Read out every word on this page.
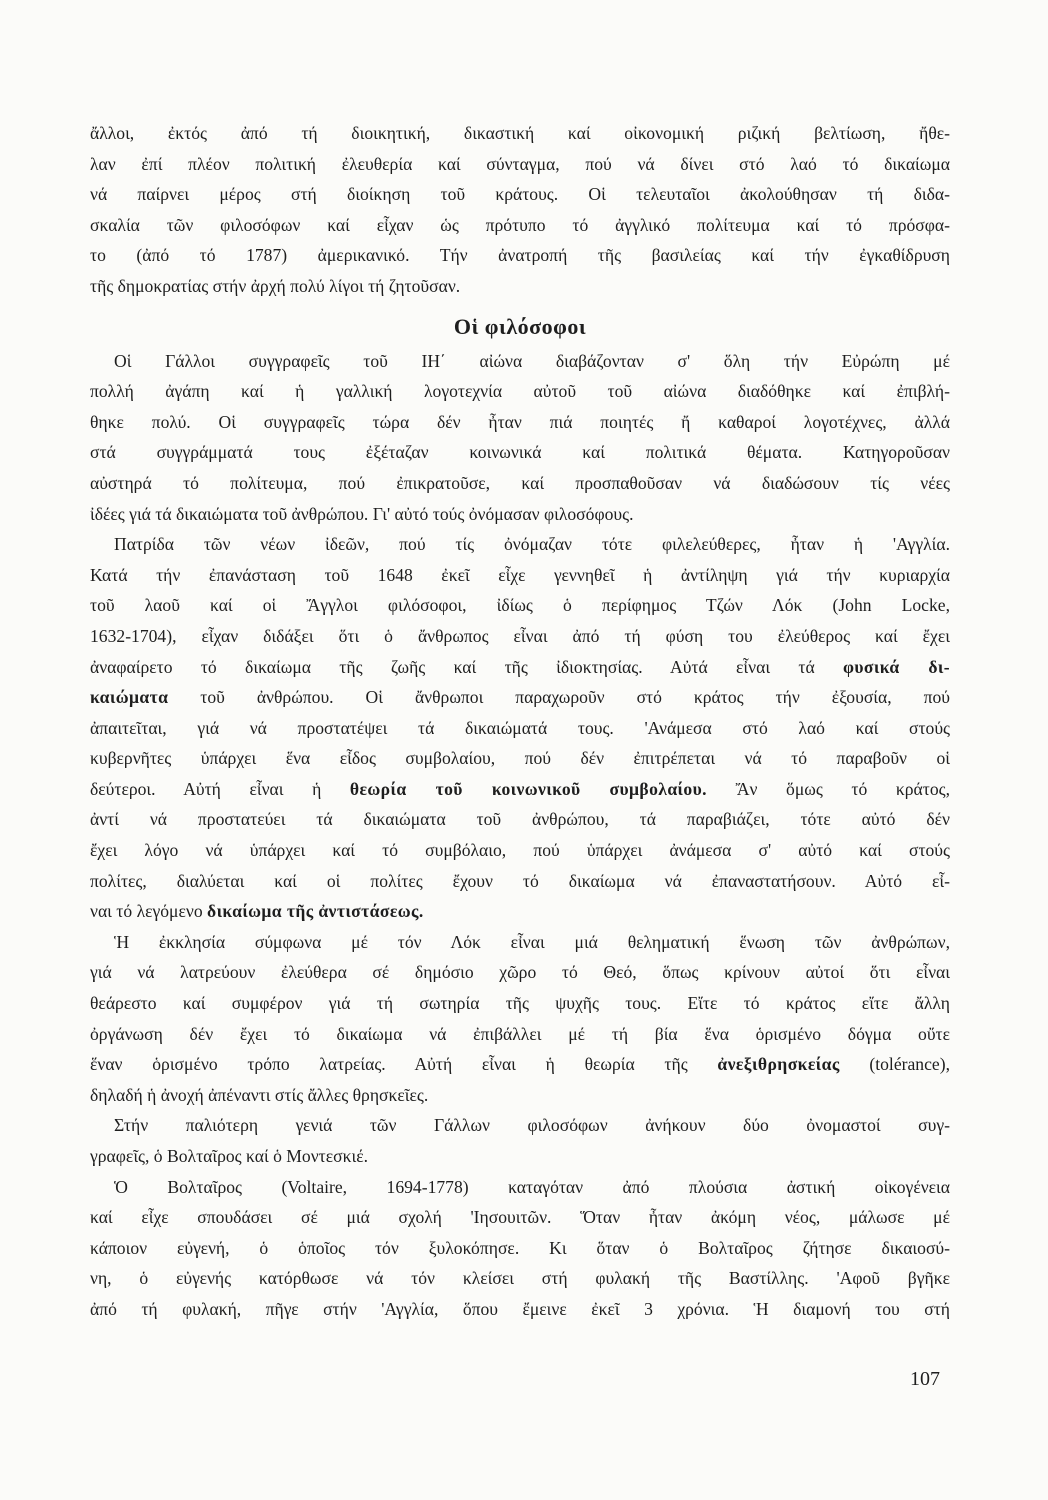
ἄλλοι, ἐκτός ἀπό τή διοικητική, δικαστική καί οἰκονομική ριζική βελτίωση, ἤθε-
λαν ἐπί πλέον πολιτική ἐλευθερία καί σύνταγμα, πού νά δίνει στό λαό τό δικαίωμα
νά παίρνει μέρος στή διοίκηση τοῦ κράτους. Οἱ τελευταῖοι ἀκολούθησαν τή διδα-
σκαλία τῶν φιλοσόφων καί εἶχαν ὡς πρότυπο τό ἀγγλικό πολίτευμα καί τό πρόσφα-
το (ἀπό τό 1787) ἀμερικανικό. Τήν ἀνατροπή τῆς βασιλείας καί τήν ἐγκαθίδρυση
τῆς δημοκρατίας στήν ἀρχή πολύ λίγοι τή ζητοῦσαν.
Οἱ φιλόσοφοι
Οἱ Γάλλοι συγγραφεῖς τοῦ ΙΗ΄ αἰώνα διαβάζονταν σ' ὅλη τήν Εὐρώπη μέ
πολλή ἀγάπη καί ἡ γαλλική λογοτεχνία αὐτοῦ τοῦ αἰώνα διαδόθηκε καί ἐπιβλή-
θηκε πολύ. Οἱ συγγραφεῖς τώρα δέν ἦταν πιά ποιητές ἤ καθαροί λογοτέχνες, ἀλλά
στά συγγράμματά τους ἐξέταζαν κοινωνικά καί πολιτικά θέματα. Κατηγοροῦσαν
αὐστηρά τό πολίτευμα, πού ἐπικρατοῦσε, καί προσπαθοῦσαν νά διαδώσουν τίς νέες
ἰδέες γιά τά δικαιώματα τοῦ ἀνθρώπου. Γι' αὐτό τούς ὀνόμασαν φιλοσόφους.
Πατρίδα τῶν νέων ἰδεῶν, πού τίς ὀνόμαζαν τότε φιλελεύθερες, ἦταν ἡ 'Αγγλία.
Κατά τήν ἐπανάσταση τοῦ 1648 ἐκεῖ εἶχε γεννηθεῖ ἡ ἀντίληψη γιά τήν κυριαρχία
τοῦ λαοῦ καί οἱ Ἄγγλοι φιλόσοφοι, ἰδίως ὁ περίφημος Τζών Λόκ (John Locke,
1632-1704), εἶχαν διδάξει ὅτι ὁ ἄνθρωπος εἶναι ἀπό τή φύση του ἐλεύθερος καί ἔχει
ἀναφαίρετο τό δικαίωμα τῆς ζωῆς καί τῆς ἰδιοκτησίας. Αὐτά εἶναι τά φυσικά δι-
καιώματα τοῦ ἀνθρώπου. Οἱ ἄνθρωποι παραχωροῦν στό κράτος τήν ἐξουσία, πού
ἀπαιτεῖται, γιά νά προστατέψει τά δικαιώματά τους. 'Ανάμεσα στό λαό καί στούς
κυβερνῆτες ὑπάρχει ἕνα εἶδος συμβολαίου, πού δέν ἐπιτρέπεται νά τό παραβοῦν οἱ
δεύτεροι. Αὐτή εἶναι ἡ θεωρία τοῦ κοινωνικοῦ συμβολαίου. Ἄν ὅμως τό κράτος,
ἀντί νά προστατεύει τά δικαιώματα τοῦ ἀνθρώπου, τά παραβιάζει, τότε αὐτό δέν
ἔχει λόγο νά ὑπάρχει καί τό συμβόλαιο, πού ὑπάρχει ἀνάμεσα σ' αὐτό καί στούς
πολίτες, διαλύεται καί οἱ πολίτες ἔχουν τό δικαίωμα νά ἐπαναστατήσουν. Αὐτό εἶ-
ναι τό λεγόμενο δικαίωμα τῆς ἀντιστάσεως.
Ἡ ἐκκλησία σύμφωνα μέ τόν Λόκ εἶναι μιά θεληματική ἕνωση τῶν ἀνθρώπων,
γιά νά λατρεύουν ἐλεύθερα σέ δημόσιο χῶρο τό Θεό, ὅπως κρίνουν αὐτοί ὅτι εἶναι
θεάρεστο καί συμφέρον γιά τή σωτηρία τῆς ψυχῆς τους. Εἴτε τό κράτος εἴτε ἄλλη
ὀργάνωση δέν ἔχει τό δικαίωμα νά ἐπιβάλλει μέ τή βία ἕνα ὁρισμένο δόγμα οὔτε
ἕναν ὁρισμένο τρόπο λατρείας. Αὐτή εἶναι ἡ θεωρία τῆς ἀνεξιθρησκείας (tolérance),
δηλαδή ἡ ἀνοχή ἀπέναντι στίς ἄλλες θρησκεῖες.
Στήν παλιότερη γενιά τῶν Γάλλων φιλοσόφων ἀνήκουν δύο ὀνομαστοί συγ-
γραφεῖς, ὁ Βολταῖρος καί ὁ Μοντεσκιέ.
Ὁ Βολταῖρος (Voltaire, 1694-1778) καταγόταν ἀπό πλούσια ἀστική οἰκογένεια
καί εἶχε σπουδάσει σέ μιά σχολή 'Ιησουιτῶν. Ὅταν ἦταν ἀκόμη νέος, μάλωσε μέ
κάποιον εὐγενή, ὁ ὁποῖος τόν ξυλοκόπησε. Κι ὅταν ὁ Βολταῖρος ζήτησε δικαιοσύ-
νη, ὁ εὐγενής κατόρθωσε νά τόν κλείσει στή φυλακή τῆς Βαστίλλης. 'Αφοῦ βγῆκε
ἀπό τή φυλακή, πῆγε στήν 'Αγγλία, ὅπου ἔμεινε ἐκεῖ 3 χρόνια. Ἡ διαμονή του στή
107
